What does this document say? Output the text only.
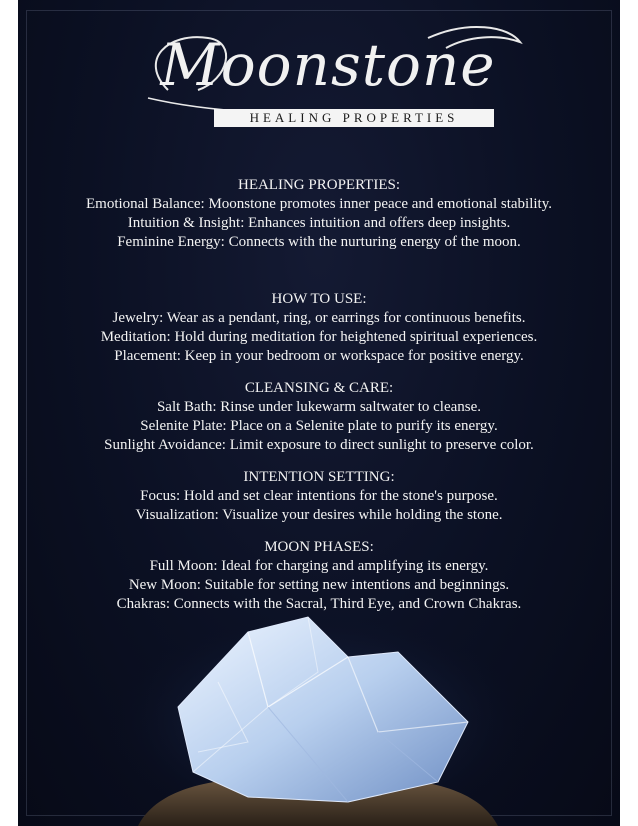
Moonstone
HEALING PROPERTIES
HEALING PROPERTIES:

Emotional Balance: Moonstone promotes inner peace and emotional stability.

Intuition & Insight: Enhances intuition and offers deep insights.

Feminine Energy: Connects with the nurturing energy of the moon.

HOW TO USE:

Jewelry: Wear as a pendant, ring, or earrings for continuous benefits.

Meditation: Hold during meditation for heightened spiritual experiences.

Placement: Keep in your bedroom or workspace for positive energy.

CLEANSING & CARE:

Salt Bath: Rinse under lukewarm saltwater to cleanse.

Selenite Plate: Place on a Selenite plate to purify its energy.

Sunlight Avoidance: Limit exposure to direct sunlight to preserve color.

INTENTION SETTING:

Focus: Hold and set clear intentions for the stone's purpose.

Visualization: Visualize your desires while holding the stone.

MOON PHASES:

Full Moon: Ideal for charging and amplifying its energy.

New Moon: Suitable for setting new intentions and beginnings.

Chakras: Connects with the Sacral, Third Eye, and Crown Chakras.
